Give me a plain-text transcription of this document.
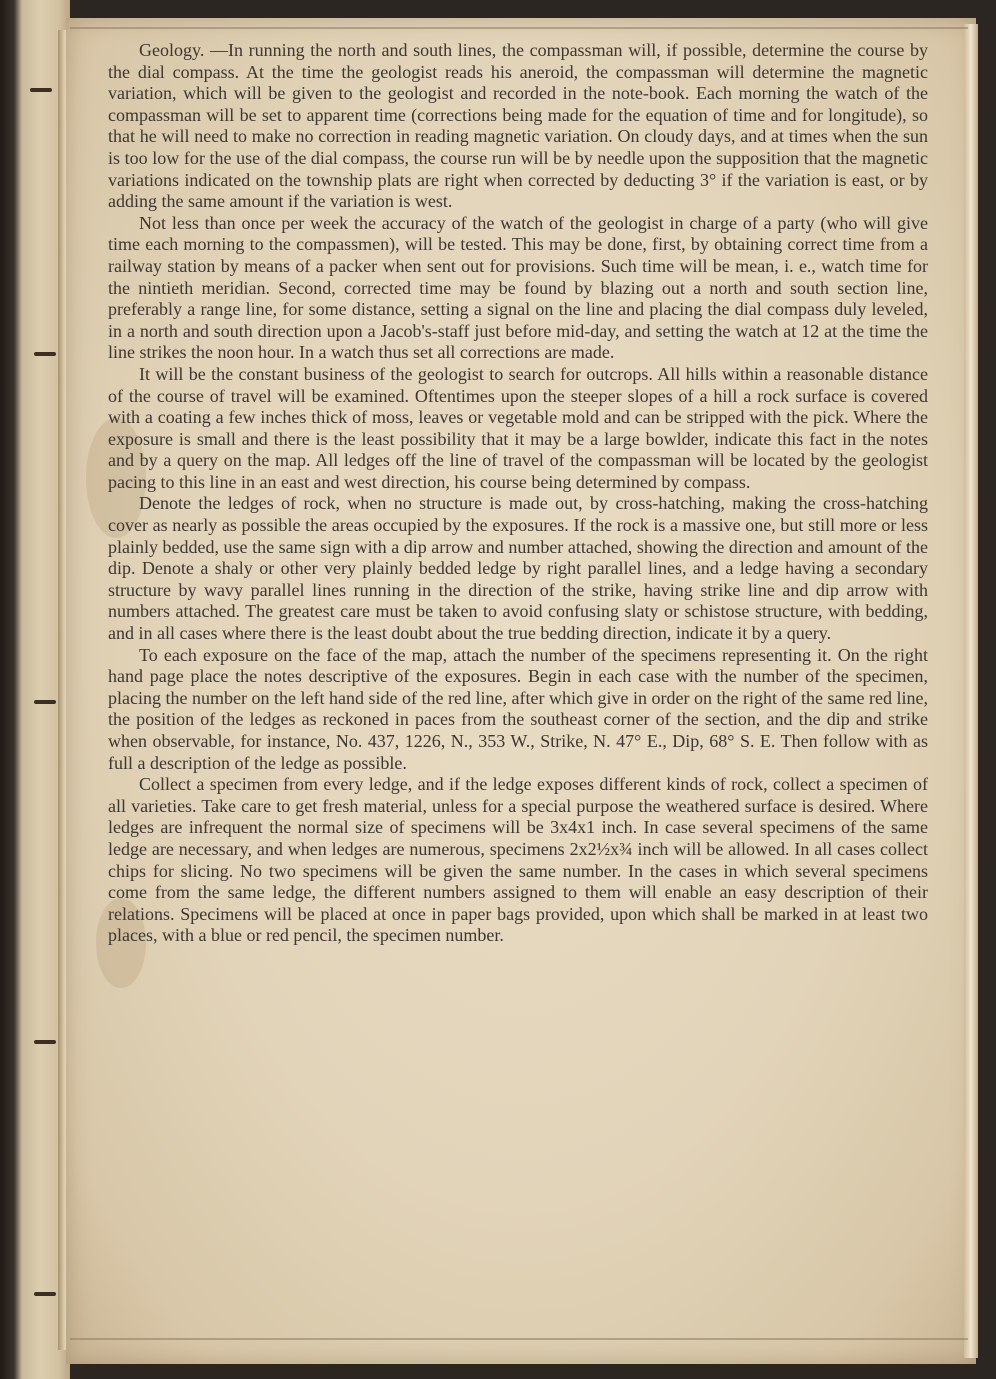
Geology. —In running the north and south lines, the compassman will, if possible, determine the course by the dial compass. At the time the geologist reads his aneroid, the compassman will determine the magnetic variation, which will be given to the geologist and recorded in the note-book. Each morning the watch of the compassman will be set to apparent time (corrections being made for the equation of time and for longitude), so that he will need to make no correction in reading magnetic variation. On cloudy days, and at times when the sun is too low for the use of the dial compass, the course run will be by needle upon the supposition that the magnetic variations indicated on the township plats are right when corrected by deducting 3° if the variation is east, or by adding the same amount if the variation is west.

Not less than once per week the accuracy of the watch of the geologist in charge of a party (who will give time each morning to the compassmen), will be tested. This may be done, first, by obtaining correct time from a railway station by means of a packer when sent out for provisions. Such time will be mean, i. e., watch time for the nintieth meridian. Second, corrected time may be found by blazing out a north and south section line, preferably a range line, for some distance, setting a signal on the line and placing the dial compass duly leveled, in a north and south direction upon a Jacob's-staff just before mid-day, and setting the watch at 12 at the time the line strikes the noon hour. In a watch thus set all corrections are made.

It will be the constant business of the geologist to search for outcrops. All hills within a reasonable distance of the course of travel will be examined. Oftentimes upon the steeper slopes of a hill a rock surface is covered with a coating a few inches thick of moss, leaves or vegetable mold and can be stripped with the pick. Where the exposure is small and there is the least possibility that it may be a large bowlder, indicate this fact in the notes and by a query on the map. All ledges off the line of travel of the compassman will be located by the geologist pacing to this line in an east and west direction, his course being determined by compass.

Denote the ledges of rock, when no structure is made out, by cross-hatching, making the cross-hatching cover as nearly as possible the areas occupied by the exposures. If the rock is a massive one, but still more or less plainly bedded, use the same sign with a dip arrow and number attached, showing the direction and amount of the dip. Denote a shaly or other very plainly bedded ledge by right parallel lines, and a ledge having a secondary structure by wavy parallel lines running in the direction of the strike, having strike line and dip arrow with numbers attached. The greatest care must be taken to avoid confusing slaty or schistose structure, with bedding, and in all cases where there is the least doubt about the true bedding direction, indicate it by a query.

To each exposure on the face of the map, attach the number of the specimens representing it. On the right hand page place the notes descriptive of the exposures. Begin in each case with the number of the specimen, placing the number on the left hand side of the red line, after which give in order on the right of the same red line, the position of the ledges as reckoned in paces from the southeast corner of the section, and the dip and strike when observable, for instance, No. 437, 1226, N., 353 W., Strike, N. 47° E., Dip, 68° S. E. Then follow with as full a description of the ledge as possible.

Collect a specimen from every ledge, and if the ledge exposes different kinds of rock, collect a specimen of all varieties. Take care to get fresh material, unless for a special purpose the weathered surface is desired. Where ledges are infrequent the normal size of specimens will be 3x4x1 inch. In case several specimens of the same ledge are necessary, and when ledges are numerous, specimens 2x2½x¾ inch will be allowed. In all cases collect chips for slicing. No two specimens will be given the same number. In the cases in which several specimens come from the same ledge, the different numbers assigned to them will enable an easy description of their relations. Specimens will be placed at once in paper bags provided, upon which shall be marked in at least two places, with a blue or red pencil, the specimen number.
